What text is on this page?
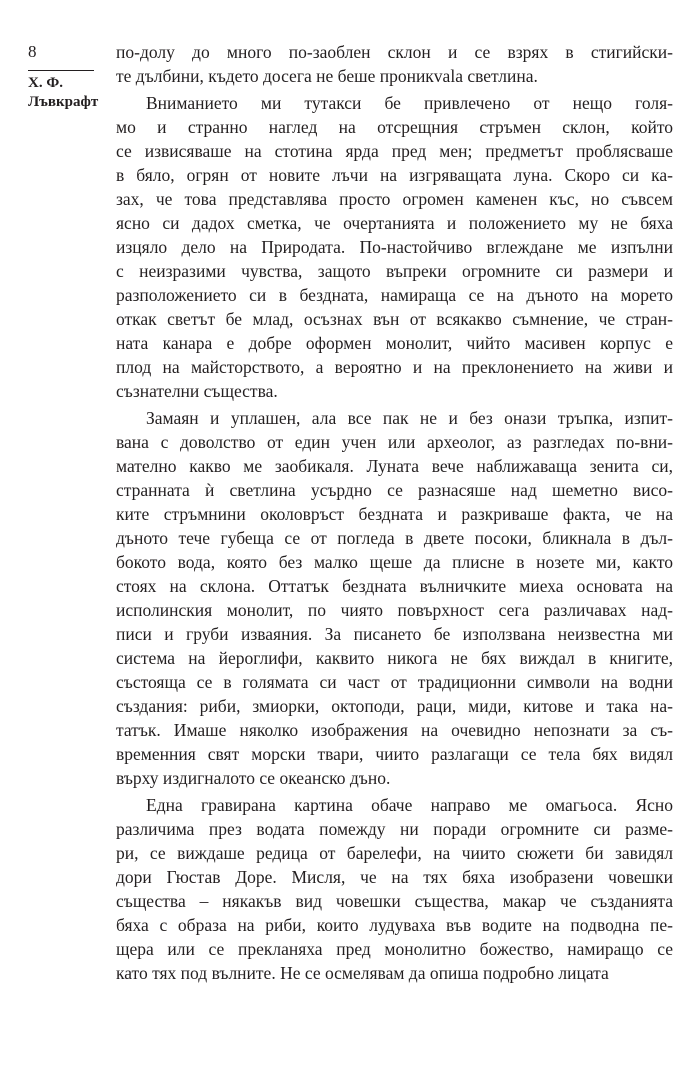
8
Х. Ф.
Лъвкрафт
по-долу до много по-заоблен склон и се взрях в стигийски-
те дълбини, където досега не беше проникvala светлина.
Вниманието ми тутакси бе привлечено от нещо голя-
мо и странно наглед на отсрещния стръмен склон, който
се извисяваше на стотина ярда пред мен; предметът проблясваше
в бяло, огрян от новите лъчи на изгряващата луна. Скоро си ка-
зах, че това представлява просто огромен каменен къс, но съвсем
ясно си дадох сметка, че очертанията и положението му не бяха
изцяло дело на Природата. По-настойчиво вглеждане ме изпълни
с неизразими чувства, защото въпреки огромните си размери и
разположението си в бездната, намираща се на дъното на морето
откак светът бе млад, осъзнах вън от всякакво съмнение, че стран-
ната канара е добре оформен монолит, чийто масивен корпус е
плод на майсторството, а вероятно и на преклонението на живи и
съзнателни същества.
Замаян и уплашен, ала все пак не и без онази тръпка, изпит-
вана с доволство от един учен или археолог, аз разгледах по-вни-
мателно какво ме заобикаля. Луната вече наближаваща зенита си,
странната ѝ светлина усърдно се разнасяше над шеметно висо-
ките стръмнини околовръст бездната и разкриваше факта, че на
дъното тече губеща се от погледа в двете посоки, бликнала в дъл-
бокото вода, която без малко щеше да плисне в нозете ми, както
стоях на склона. Оттатък бездната вълничките миеха основата на
исполинския монолит, по чиято повърхност сега различавах над-
писи и груби изваяния. За писането бе използвана неизвестна ми
система на йероглифи, каквито никога не бях виждал в книгите,
състояща се в голямата си част от традиционни символи на водни
създания: риби, змиорки, октоподи, раци, миди, китове и така на-
татък. Имаше няколко изображения на очевидно непознати за съ-
временния свят морски твари, чиито разлагащи се тела бях видял
върху издигналото се океанско дъно.
Една гравирана картина обаче направо ме омагьоса. Ясно
различима през водата помежду ни поради огромните си разме-
ри, се виждаше редица от барелефи, на чиито сюжети би завидял
дори Гюстав Доре. Мисля, че на тях бяха изобразени човешки
същества – някакъв вид човешки същества, макар че създанията
бяха с образа на риби, които лудуваха във водите на подводна пе-
щера или се прекланяха пред монолитно божество, намиращо се
като тях под вълните. Не се осмелявам да опиша подробно лицата
